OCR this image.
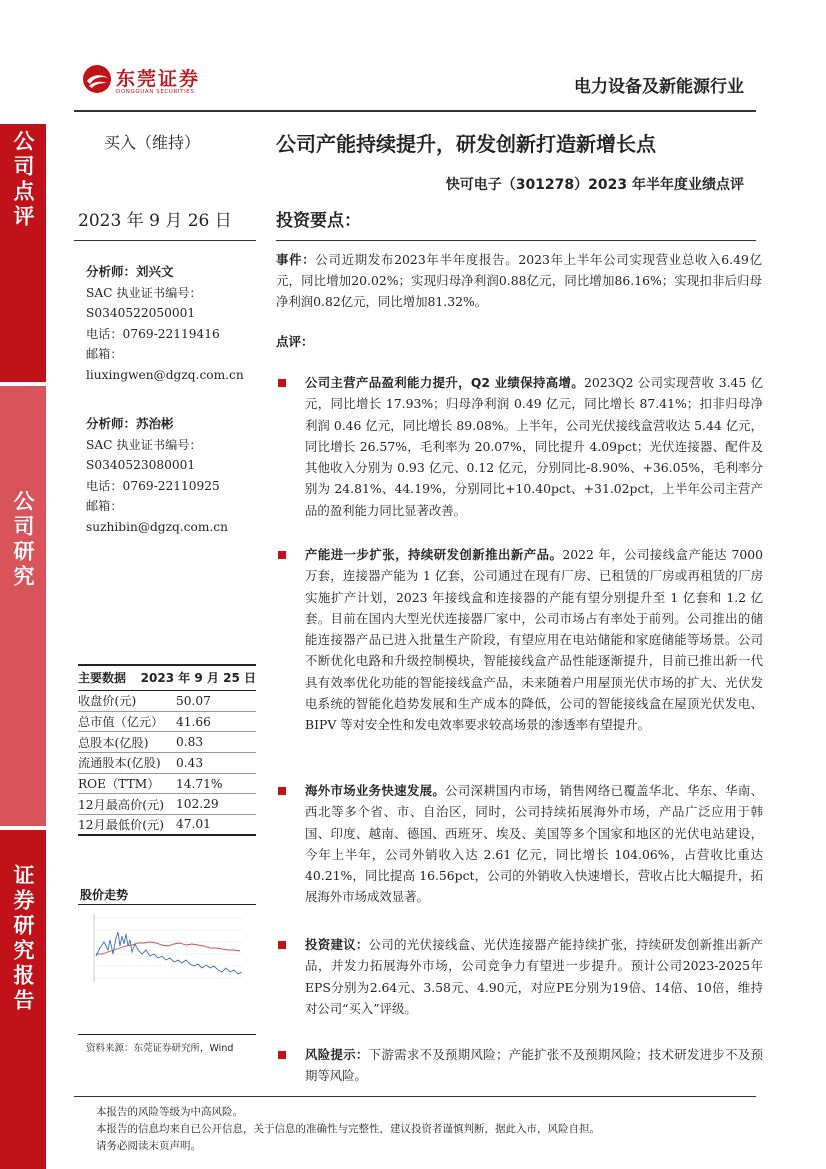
公司点评
公司研究
证券研究报告
东莞证券
DONGGUAN SECURITIES	电力设备及新能源行业
买入（维持）	公司产能持续提升，研发创新打造新增长点
快可电子（301278）2023 年半年度业绩点评
2023 年 9 月 26 日	投资要点：
分析师：刘兴文
SAC 执业证书编号：
S0340522050001
电话：0769-22119416
邮箱：
liuxingwen@dgzq.com.cn
分析师：苏治彬
SAC 执业证书编号：
S0340523080001
电话：0769-22110925
邮箱：
suzhibin@dgzq.com.cn
主要数据 2023 年 9 月 25 日
收盘价(元)	50.07
总市值（亿元）	41.66
总股本(亿股)	0.83
流通股本(亿股)	0.43
ROE（TTM）	14.71%
12月最高价(元) 102.29
12月最低价(元) 47.01
股价走势
资料来源：东莞证券研究所，Wind
事件：公司近期发布2023年半年度报告。2023年上半年公司实现营业总收入6.49亿元，同比增加20.02%；实现归母净利润0.88亿元，同比增加86.16%；实现扣非后归母净利润0.82亿元，同比增加81.32%。
点评：
公司主营产品盈利能力提升，Q2 业绩保持高增。2023Q2 公司实现营收 3.45 亿元，同比增长 17.93%；归母净利润 0.49 亿元，同比增长 87.41%；扣非归母净利润 0.46 亿元，同比增长 89.08%。上半年，公司光伏接线盒营收达 5.44 亿元，同比增长 26.57%，毛利率为 20.07%，同比提升 4.09pct；光伏连接器、配件及其他收入分别为 0.93 亿元、0.12 亿元，分别同比-8.90%、+36.05%，毛利率分别为 24.81%、44.19%，分别同比+10.40pct、+31.02pct，上半年公司主营产品的盈利能力同比显著改善。
产能进一步扩张，持续研发创新推出新产品。2022 年，公司接线盒产能达 7000 万套，连接器产能为 1 亿套，公司通过在现有厂房、已租赁的厂房或再租赁的厂房实施扩产计划，2023 年接线盒和连接器的产能有望分别提升至 1 亿套和 1.2 亿套。目前在国内大型光伏连接器厂家中，公司市场占有率处于前列。公司推出的储能连接器产品已进入批量生产阶段，有望应用在电站储能和家庭储能等场景。公司不断优化电路和升级控制模块，智能接线盒产品性能逐渐提升，目前已推出新一代具有效率优化功能的智能接线盒产品，未来随着户用屋顶光伏市场的扩大、光伏发电系统的智能化趋势发展和生产成本的降低，公司的智能接线盒在屋顶光伏发电、BIPV 等对安全性和发电效率要求较高场景的渗透率有望提升。
海外市场业务快速发展。公司深耕国内市场，销售网络已覆盖华北、华东、华南、西北等多个省、市、自治区，同时，公司持续拓展海外市场，产品广泛应用于韩国、印度、越南、德国、西班牙、埃及、美国等多个国家和地区的光伏电站建设，今年上半年，公司外销收入达 2.61 亿元，同比增长 104.06%，占营收比重达 40.21%，同比提高 16.56pct，公司的外销收入快速增长，营收占比大幅提升，拓展海外市场成效显著。
投资建议：公司的光伏接线盒、光伏连接器产能持续扩张，持续研发创新推出新产品，并发力拓展海外市场，公司竞争力有望进一步提升。预计公司2023-2025年EPS分别为2.64元、3.58元、4.90元，对应PE分别为19倍、14倍、10倍，维持对公司“买入”评级。
风险提示：下游需求不及预期风险；产能扩张不及预期风险；技术研发进步不及预期等风险。
本报告的风险等级为中高风险。
本报告的信息均来自已公开信息，关于信息的准确性与完整性，建议投资者谨慎判断，据此入市，风险自担。
请务必阅读末页声明。
